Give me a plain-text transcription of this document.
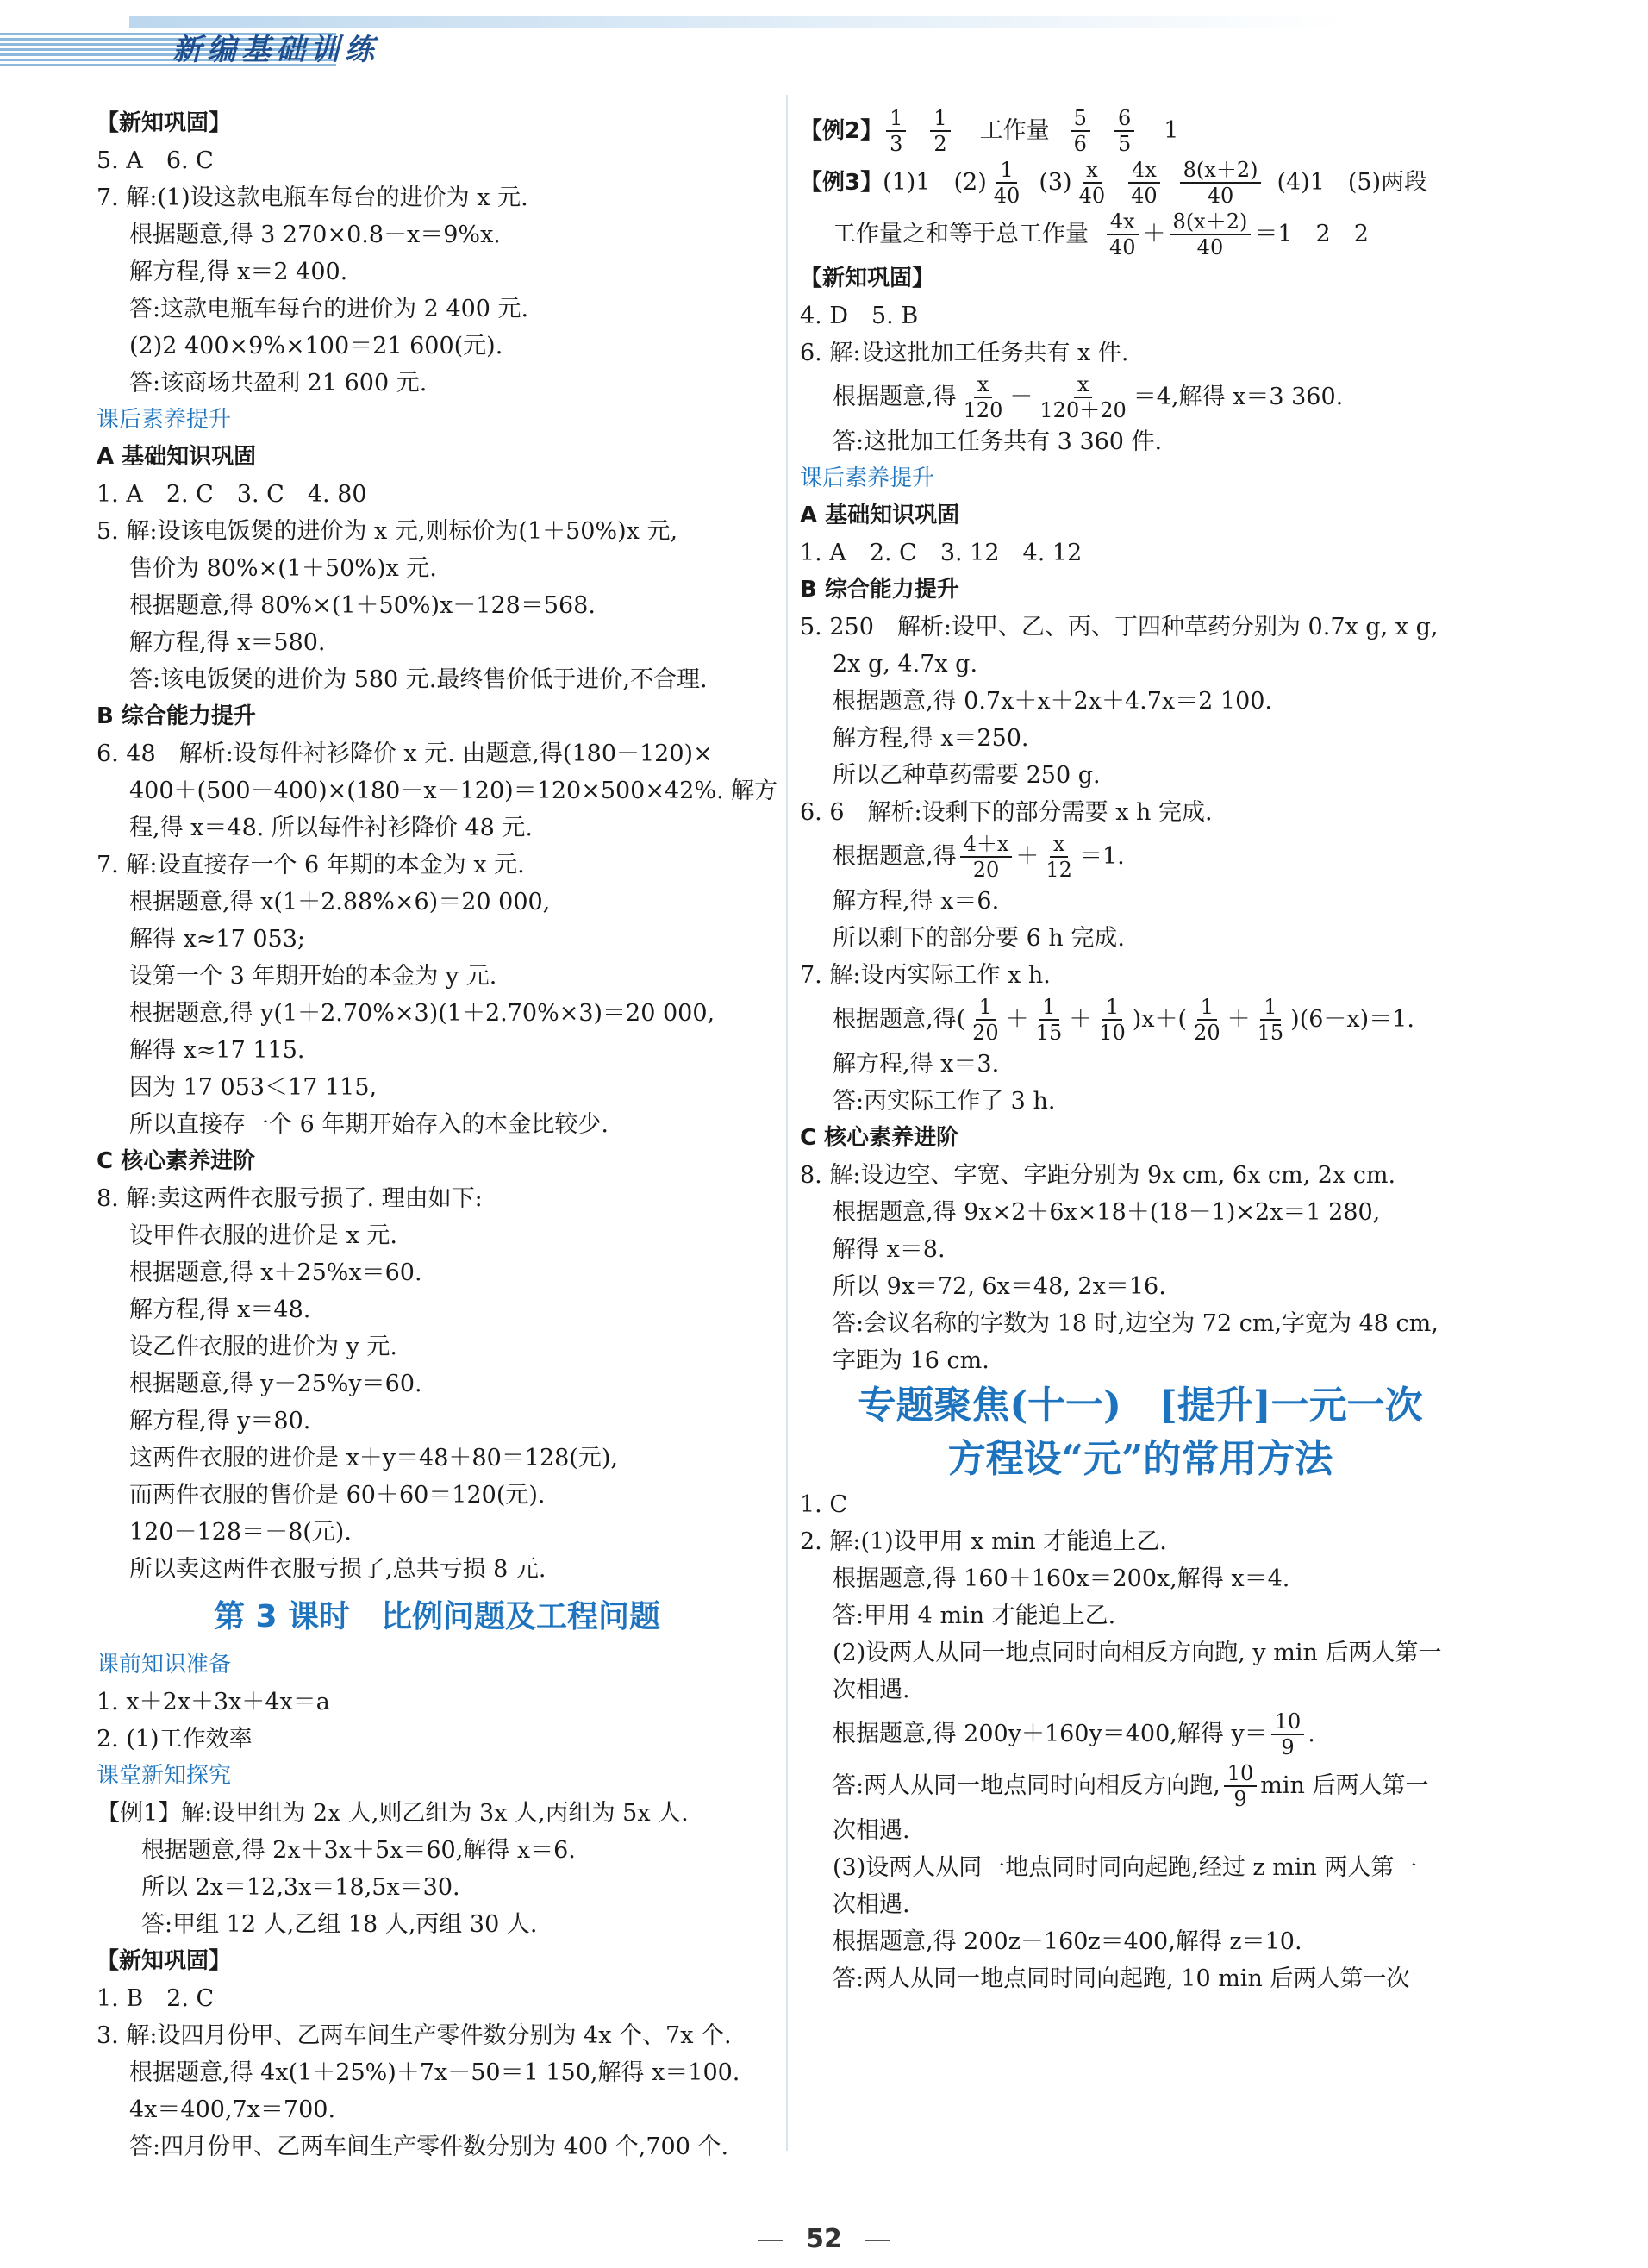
新编基础训练
【新知巩固】
5. A　6. C
7. 解:(1)设这款电瓶车每台的进价为 x 元.
根据题意,得 3 270×0.8－x＝9%x.
解方程,得 x＝2 400.
答:这款电瓶车每台的进价为 2 400 元.
(2)2 400×9%×100＝21 600(元).
答:该商场共盈利 21 600 元.
课后素养提升
A 基础知识巩固
1. A　2. C　3. C　4. 80
5. 解:设该电饭煲的进价为 x 元,则标价为(1＋50%)x 元,
售价为 80%×(1＋50%)x 元.
根据题意,得 80%×(1＋50%)x－128＝568.
解方程,得 x＝580.
答:该电饭煲的进价为 580 元.最终售价低于进价,不合理.
B 综合能力提升
6. 48　解析:设每件衬衫降价 x 元. 由题意,得(180－120)×
400＋(500－400)×(180－x－120)＝120×500×42%. 解方
程,得 x＝48. 所以每件衬衫降价 48 元.
7. 解:设直接存一个 6 年期的本金为 x 元.
根据题意,得 x(1＋2.88%×6)＝20 000,
解得 x≈17 053;
设第一个 3 年期开始的本金为 y 元.
根据题意,得 y(1＋2.70%×3)(1＋2.70%×3)＝20 000,
解得 x≈17 115.
因为 17 053＜17 115,
所以直接存一个 6 年期开始存入的本金比较少.
C 核心素养进阶
8. 解:卖这两件衣服亏损了. 理由如下:
设甲件衣服的进价是 x 元.
根据题意,得 x＋25%x＝60.
解方程,得 x＝48.
设乙件衣服的进价为 y 元.
根据题意,得 y－25%y＝60.
解方程,得 y＝80.
这两件衣服的进价是 x＋y＝48＋80＝128(元),
而两件衣服的售价是 60＋60＝120(元).
120－128＝－8(元).
所以卖这两件衣服亏损了,总共亏损 8 元.
第 3 课时　比例问题及工程问题
课前知识准备
1. x＋2x＋3x＋4x＝a
2. (1)工作效率
课堂新知探究
【例1】解:设甲组为 2x 人,则乙组为 3x 人,丙组为 5x 人.
根据题意,得 2x＋3x＋5x＝60,解得 x＝6.
所以 2x＝12,3x＝18,5x＝30.
答:甲组 12 人,乙组 18 人,丙组 30 人.
【新知巩固】
1. B　2. C
3. 解:设四月份甲、乙两车间生产零件数分别为 4x 个、7x 个.
根据题意,得 4x(1＋25%)＋7x－50＝1 150,解得 x＝100.
4x＝400,7x＝700.
答:四月份甲、乙两车间生产零件数分别为 400 个,700 个.
【例2】 $\frac{1}{3} \frac{1}{2}$ 工作量 $\frac{5}{6} \frac{6}{5} 1$
【例3】 (1)1　$(2) \frac{1}{40} (3) \frac{x}{40} \frac{4x}{40} \frac{8(x+2)}{40} (4)1$　(5)两段
工作量之和等于总工作量 $\frac{4x}{40} + \frac{8(x+2)}{40} =1$　2　2
【新知巩固】
4. D　5. B
6. 解:设这批加工任务共有 x 件.
根据题意,得 $\frac{x}{120} - \frac{x}{120+20} =4$,解得 x＝3 360.
答:这批加工任务共有 3 360 件.
课后素养提升
A 基础知识巩固
1. A　2. C　3. 12　4. 12
B 综合能力提升
5. 250　解析:设甲、乙、丙、丁四种草药分别为 0.7x g, x g,
2x g, 4.7x g.
根据题意,得 0.7x＋x＋2x＋4.7x＝2 100.
解方程,得 x＝250.
所以乙种草药需要 250 g.
6. 6　解析:设剩下的部分需要 x h 完成.
根据题意,得 $\frac{4+x}{20} + \frac{x}{12} =1$.
解方程,得 x＝6.
所以剩下的部分要 6 h 完成.
7. 解:设丙实际工作 x h.
根据题意,得( $\frac{1}{20} + \frac{1}{15} + \frac{1}{10} )x+( \frac{1}{20} + \frac{1}{15} )(6-x)=1$.
解方程,得 x＝3.
答:丙实际工作了 3 h.
C 核心素养进阶
8. 解:设边空、字宽、字距分别为 9x cm, 6x cm, 2x cm.
根据题意,得 9x×2＋6x×18＋(18－1)×2x＝1 280,
解得 x＝8.
所以 9x＝72, 6x＝48, 2x＝16.
答:会议名称的字数为 18 时,边空为 72 cm,字宽为 48 cm,
字距为 16 cm.
专题聚焦(十一)　[提升]一元一次
方程设“元”的常用方法
1. C
2. 解:(1)设甲用 x min 才能追上乙.
根据题意,得 160＋160x＝200x,解得 x＝4.
答:甲用 4 min 才能追上乙.
(2)设两人从同一地点同时向相反方向跑, y min 后两人第一
次相遇.
根据题意,得 200y＋160y＝400,解得 $y= \frac{10}{9}$ .
答:两人从同一地点同时向相反方向跑, $\frac{10}{9}$ min 后两人第一
次相遇.
(3)设两人从同一地点同时同向起跑,经过 z min 两人第一
次相遇.
根据题意,得 200z－160z＝400,解得 z＝10.
答:两人从同一地点同时同向起跑, 10 min 后两人第一次
52
